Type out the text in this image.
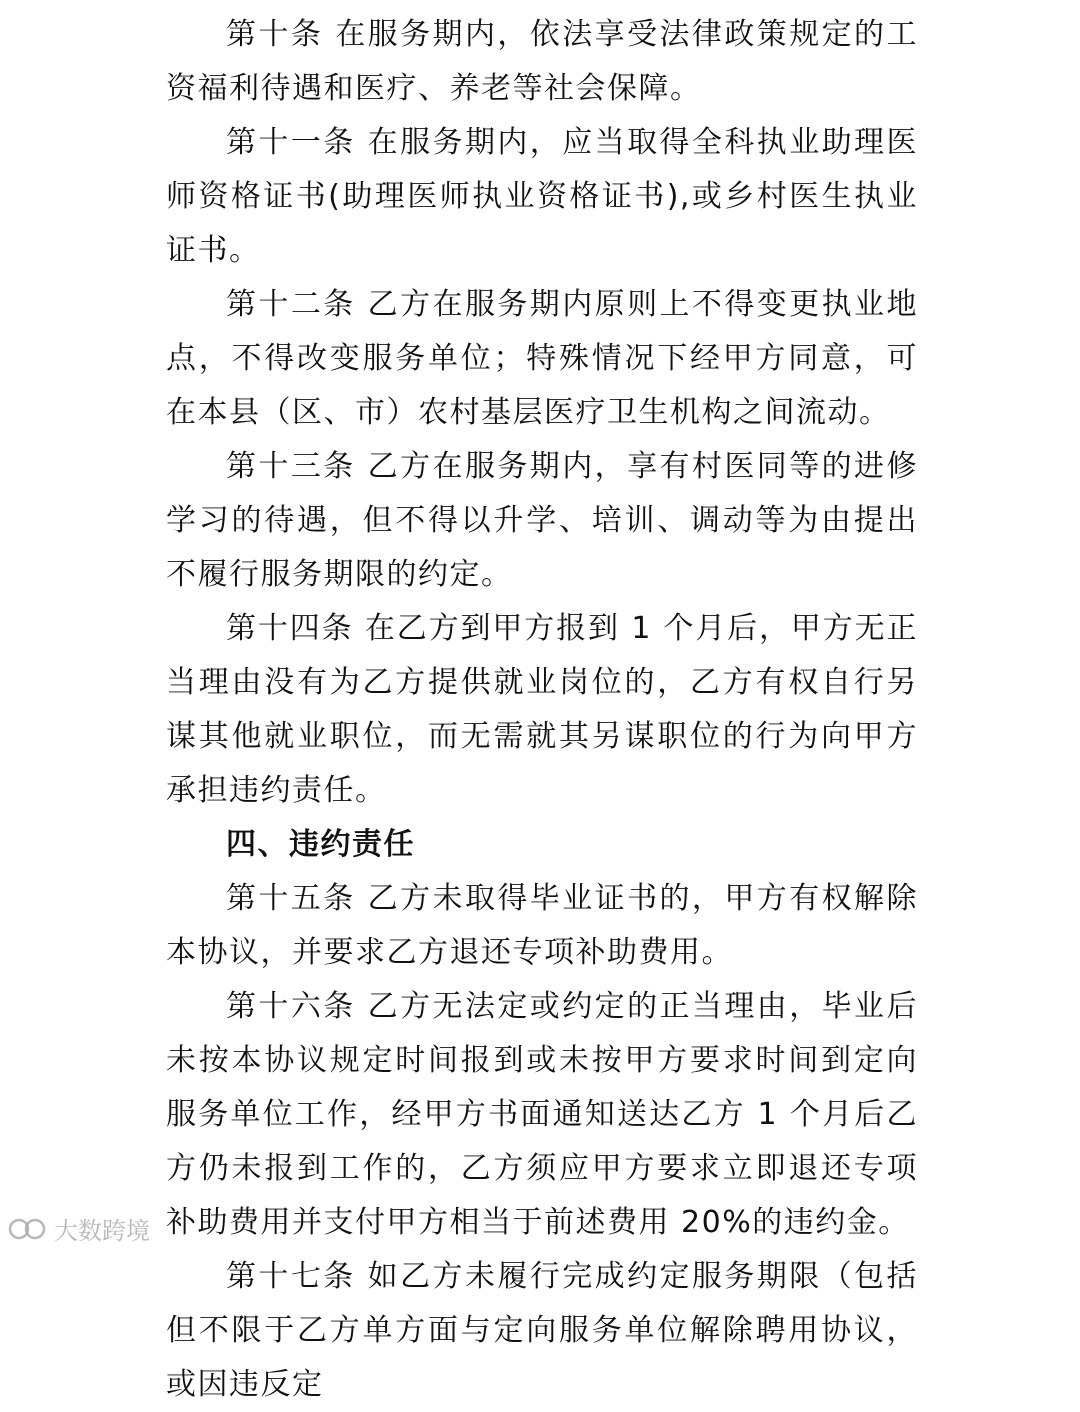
第十条 在服务期内，依法享受法律政策规定的工资福利待遇和医疗、养老等社会保障。

第十一条 在服务期内，应当取得全科执业助理医师资格证书(助理医师执业资格证书),或乡村医生执业证书。

第十二条 乙方在服务期内原则上不得变更执业地点，不得改变服务单位；特殊情况下经甲方同意，可在本县（区、市）农村基层医疗卫生机构之间流动。

第十三条 乙方在服务期内，享有村医同等的进修学习的待遇，但不得以升学、培训、调动等为由提出不履行服务期限的约定。

第十四条 在乙方到甲方报到 1 个月后，甲方无正当理由没有为乙方提供就业岗位的，乙方有权自行另谋其他就业职位，而无需就其另谋职位的行为向甲方承担违约责任。

四、违约责任

第十五条 乙方未取得毕业证书的，甲方有权解除本协议，并要求乙方退还专项补助费用。

第十六条 乙方无法定或约定的正当理由，毕业后未按本协议规定时间报到或未按甲方要求时间到定向服务单位工作，经甲方书面通知送达乙方 1 个月后乙方仍未报到工作的，乙方须应甲方要求立即退还专项补助费用并支付甲方相当于前述费用 20%的违约金。

第十七条 如乙方未履行完成约定服务期限（包括但不限于乙方单方面与定向服务单位解除聘用协议，或因违反定

大数跨境
